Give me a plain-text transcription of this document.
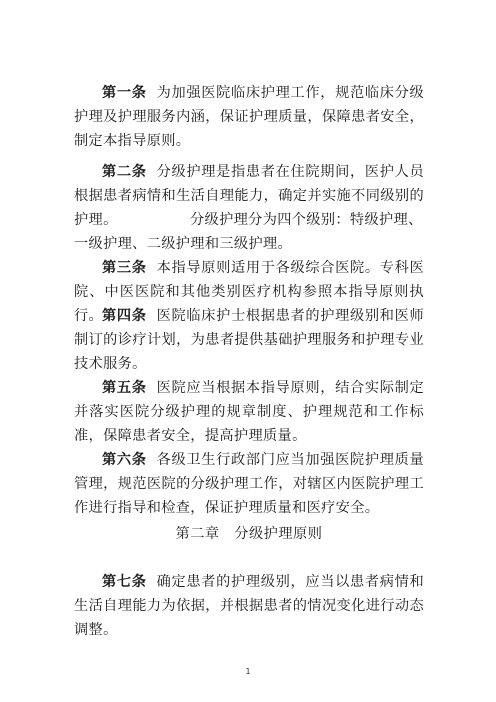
第一条 为加强医院临床护理工作，规范临床分级护理及护理服务内涵，保证护理质量，保障患者安全，制定本指导原则。

第二条 分级护理是指患者在住院期间，医护人员根据患者病情和生活自理能力，确定并实施不同级别的护理。	分级护理分为四个级别：特级护理、一级护理、二级护理和三级护理。

第三条 本指导原则适用于各级综合医院。专科医院、中医医院和其他类别医疗机构参照本指导原则执行。

第四条 医院临床护士根据患者的护理级别和医师制订的诊疗计划，为患者提供基础护理服务和护理专业技术服务。

第五条 医院应当根据本指导原则，结合实际制定并落实医院分级护理的规章制度、护理规范和工作标准，保障患者安全，提高护理质量。

第六条 各级卫生行政部门应当加强医院护理质量管理，规范医院的分级护理工作，对辖区内医院护理工作进行指导和检查，保证护理质量和医疗安全。

第二章　分级护理原则

第七条 确定患者的护理级别，应当以患者病情和生活自理能力为依据，并根据患者的情况变化进行动态调整。

1
